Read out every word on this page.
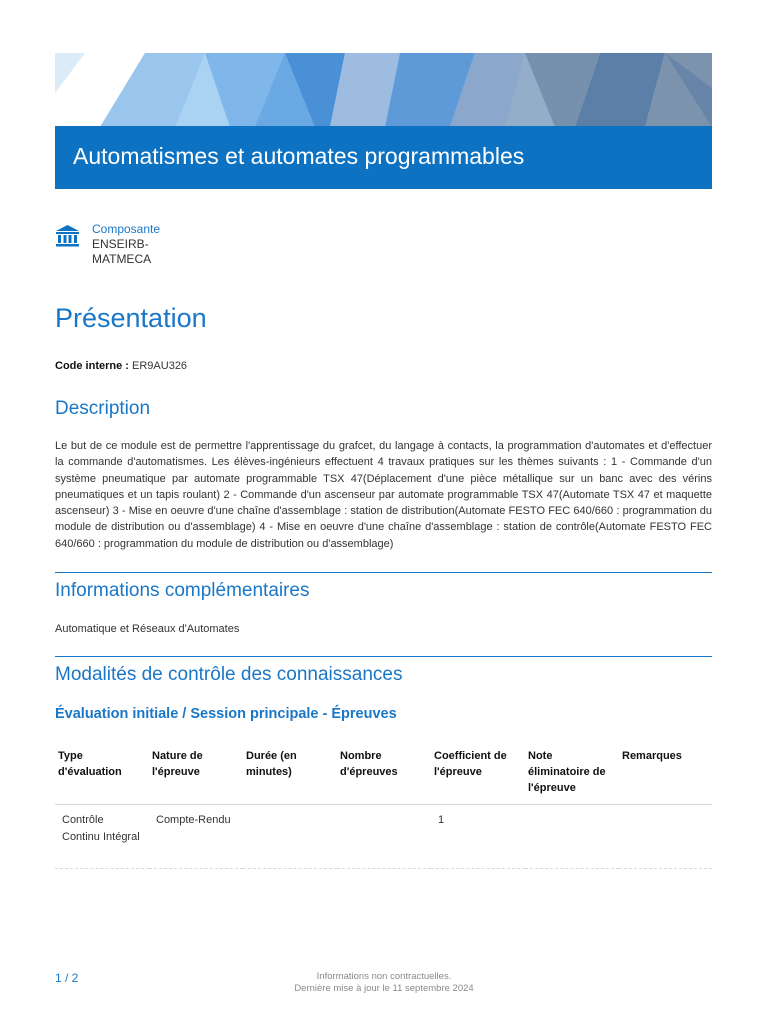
Automatismes et automates programmables
Composante
ENSEIRB-MATMECA
Présentation
Code interne : ER9AU326
Description

Le but de ce module est de permettre l'apprentissage du grafcet, du langage à contacts, la programmation d'automates et d'effectuer la commande d'automatismes. Les élèves-ingénieurs effectuent 4 travaux pratiques sur les thèmes suivants : 1 - Commande d'un système pneumatique par automate programmable TSX 47(Déplacement d'une pièce métallique sur un banc avec des vérins pneumatiques et un tapis roulant) 2 - Commande d'un ascenseur par automate programmable TSX 47(Automate TSX 47 et maquette ascenseur) 3 - Mise en oeuvre d'une chaîne d'assemblage : station de distribution(Automate FESTO FEC 640/660 : programmation du module de distribution ou d'assemblage) 4 - Mise en oeuvre d'une chaîne d'assemblage : station de contrôle(Automate FESTO FEC 640/660 : programmation du module de distribution ou d'assemblage)

Informations complémentaires

Automatique et Réseaux d'Automates

Modalités de contrôle des connaissances
Évaluation initiale / Session principale - Épreuves
Type d'évaluation	Nature de l'épreuve	Durée (en minutes)	Nombre d'épreuves	Coefficient de l'épreuve	Note éliminatoire de l'épreuve	Remarques
Contrôle Continu Intégral	Compte-Rendu			1		
1 / 2	Informations non contractuelles.
Dernière mise à jour le 11 septembre 2024
